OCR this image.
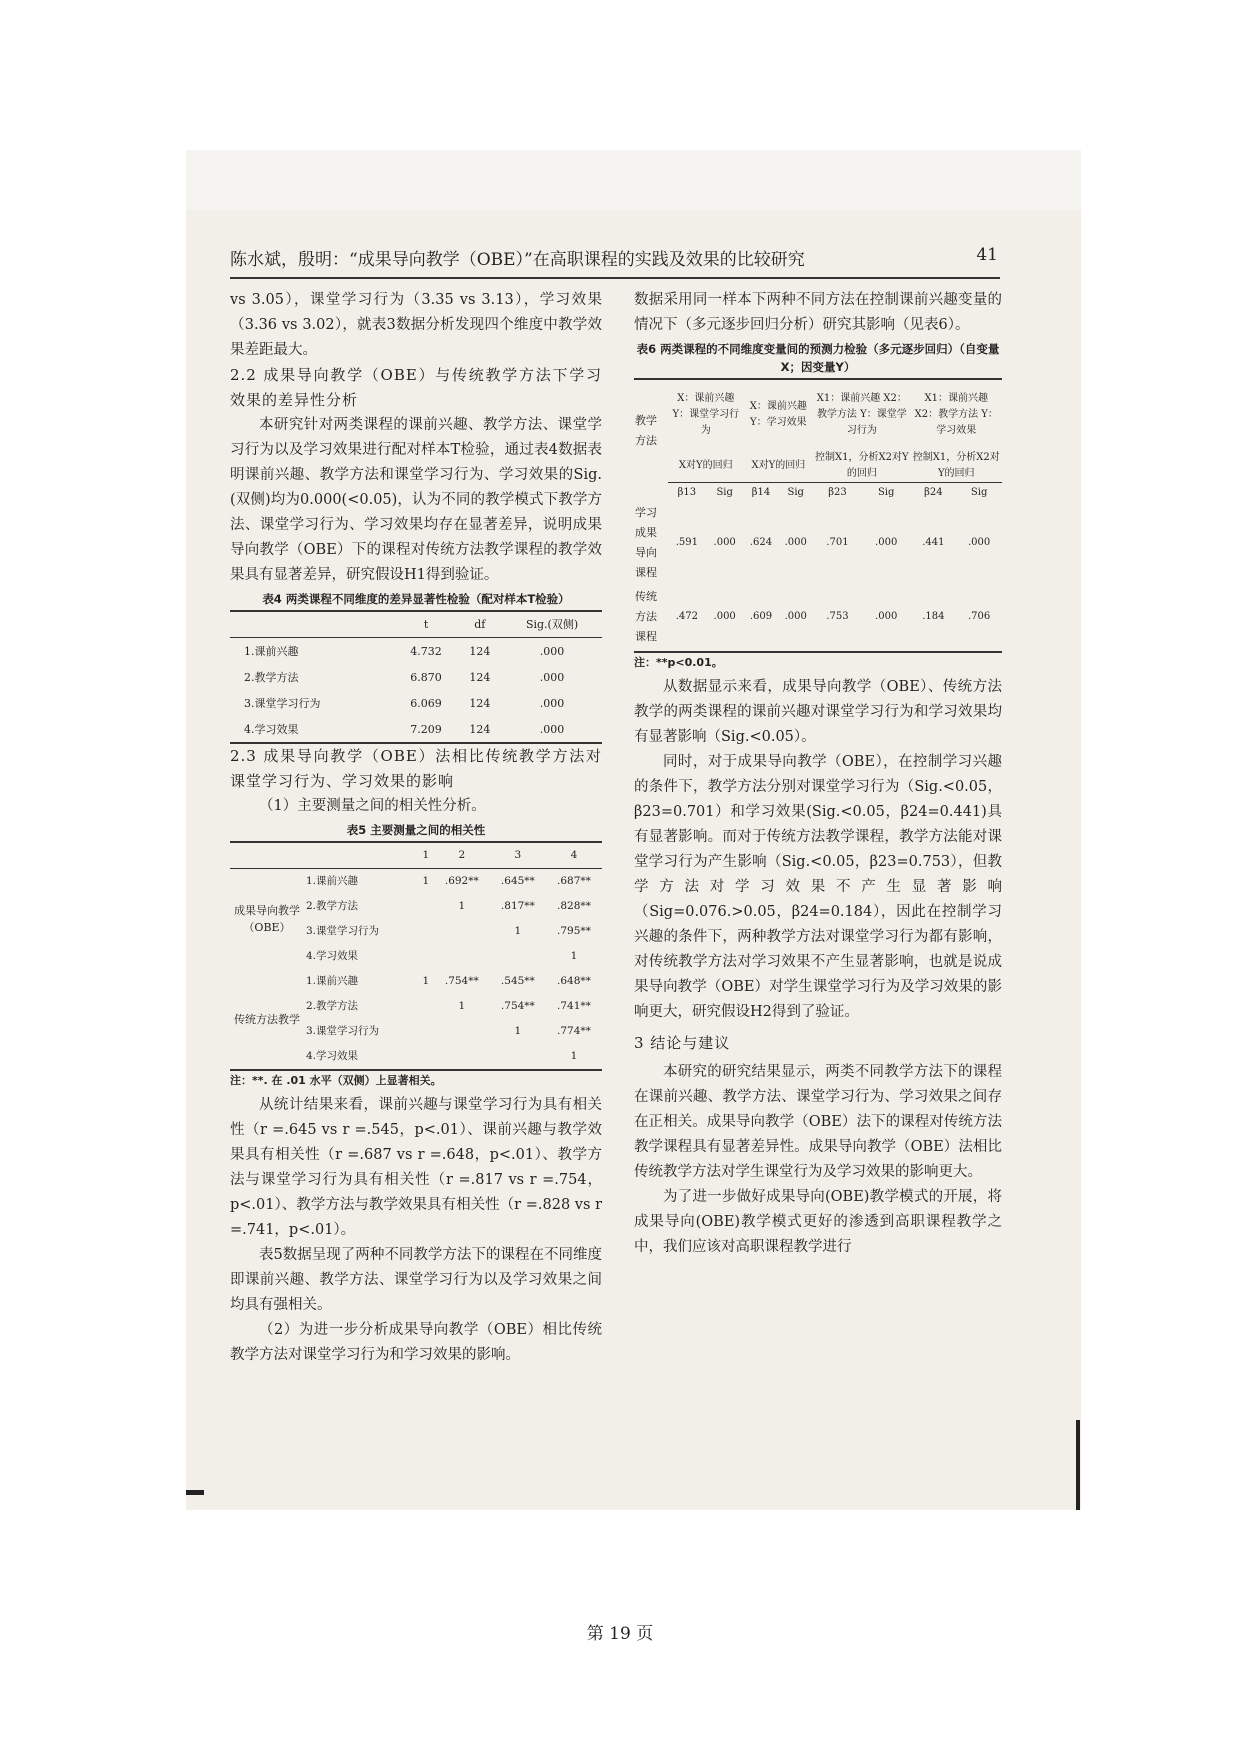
陈水斌，殷明：“成果导向教学（OBE）”在高职课程的实践及效果的比较研究	41

vs 3.05），课堂学习行为（3.35 vs 3.13），学习效果（3.36 vs 3.02），就表3数据分析发现四个维度中教学效果差距最大。

2.2 成果导向教学（OBE）与传统教学方法下学习效果的差异性分析

本研究针对两类课程的课前兴趣、教学方法、课堂学习行为以及学习效果进行配对样本T检验，通过表4数据表明课前兴趣、教学方法和课堂学习行为、学习效果的Sig.(双侧)均为0.000(<0.05)，认为不同的教学模式下教学方法、课堂学习行为、学习效果均存在显著差异，说明成果导向教学（OBE）下的课程对传统方法教学课程的教学效果具有显著差异，研究假设H1得到验证。

表4 两类课程不同维度的差异显著性检验（配对样本T检验）
	t	df	Sig.(双侧)
1.课前兴趣	4.732	124	.000
2.教学方法	6.870	124	.000
3.课堂学习行为	6.069	124	.000
4.学习效果	7.209	124	.000

2.3 成果导向教学（OBE）法相比传统教学方法对课堂学习行为、学习效果的影响

（1）主要测量之间的相关性分析。

表5 主要测量之间的相关性
		1	2	3	4
成果导向教学（OBE）	1.课前兴趣	1	.692**	.645**	.687**
	2.教学方法		1	.817**	.828**
	3.课堂学习行为			1	.795**
	4.学习效果				1
传统方法教学	1.课前兴趣	1	.754**	.545**	.648**
	2.教学方法		1	.754**	.741**
	3.课堂学习行为			1	.774**
	4.学习效果				1
注：**. 在 .01 水平（双侧）上显著相关。

从统计结果来看，课前兴趣与课堂学习行为具有相关性（r =.645 vs r =.545，p<.01）、课前兴趣与教学效果具有相关性（r =.687 vs r =.648，p<.01）、教学方法与课堂学习行为具有相关性（r =.817 vs r =.754，p<.01）、教学方法与教学效果具有相关性（r =.828 vs r =.741，p<.01）。

表5数据呈现了两种不同教学方法下的课程在不同维度即课前兴趣、教学方法、课堂学习行为以及学习效果之间均具有强相关。

（2）为进一步分析成果导向教学（OBE）相比传统教学方法对课堂学习行为和学习效果的影响。

数据采用同一样本下两种不同方法在控制课前兴趣变量的情况下（多元逐步回归分析）研究其影响（见表6）。

表6 两类课程的不同维度变量间的预测力检验（多元逐步回归）（自变量X；因变量Y）
教学方法	X：课前兴趣 Y：课堂学习行为		X：课前兴趣 Y：学习效果		X1：课前兴趣 X2：教学方法 Y：课堂学习行为		X1：课前兴趣 X2：教学方法 Y：学习效果	
	X对Y的回归		X对Y的回归		控制X1，分析X2对Y的回归		控制X1，分析X2对Y的回归	
	β13	Sig	β14	Sig	β23	Sig	β24	Sig
学习成果导向课程	.591	.000	.624	.000	.701	.000	.441	.000
传统方法课程	.472	.000	.609	.000	.753	.000	.184	.706
注：**p<0.01。

从数据显示来看，成果导向教学（OBE）、传统方法教学的两类课程的课前兴趣对课堂学习行为和学习效果均有显著影响（Sig.<0.05）。

同时，对于成果导向教学（OBE），在控制学习兴趣的条件下，教学方法分别对课堂学习行为（Sig.<0.05，β23=0.701）和学习效果(Sig.<0.05，β24=0.441)具有显著影响。而对于传统方法教学课程，教学方法能对课堂学习行为产生影响（Sig.<0.05，β23=0.753），但教学方法对学习效果不产生显著影响（Sig=0.076.>0.05，β24=0.184），因此在控制学习兴趣的条件下，两种教学方法对课堂学习行为都有影响，对传统教学方法对学习效果不产生显著影响，也就是说成果导向教学（OBE）对学生课堂学习行为及学习效果的影响更大，研究假设H2得到了验证。

3 结论与建议

本研究的研究结果显示，两类不同教学方法下的课程在课前兴趣、教学方法、课堂学习行为、学习效果之间存在正相关。成果导向教学（OBE）法下的课程对传统方法教学课程具有显著差异性。成果导向教学（OBE）法相比传统教学方法对学生课堂行为及学习效果的影响更大。

为了进一步做好成果导向(OBE)教学模式的开展，将成果导向(OBE)教学模式更好的渗透到高职课程教学之中，我们应该对高职课程教学进行

第 19 页
